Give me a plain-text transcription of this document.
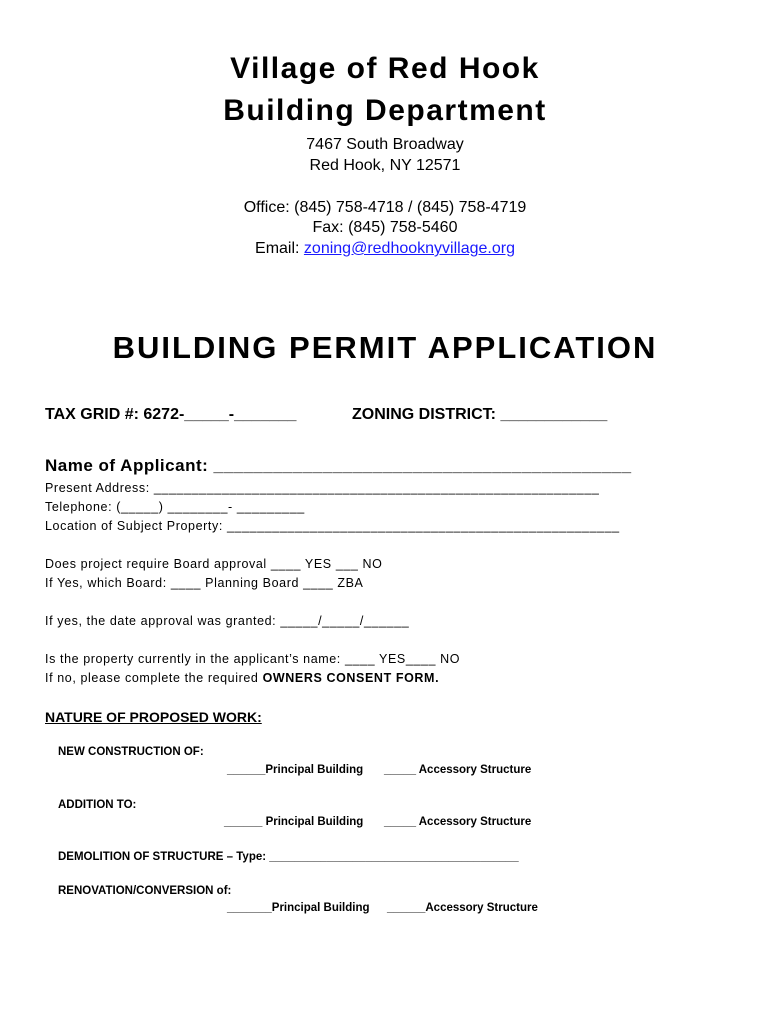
Village of Red Hook
Building Department
7467 South Broadway
Red Hook, NY 12571
Office: (845) 758-4718 / (845) 758-4719
Fax: (845) 758-5460
Email: zoning@redhooknyvillage.org
BUILDING PERMIT APPLICATION
TAX GRID #: 6272-_____-_______	ZONING DISTRICT: ____________
Name of Applicant: __________________________________________
Present Address: ___________________________________________________________
Telephone: (_____) ________- _________
Location of Subject Property: ____________________________________________________
Does project require Board approval ____ YES ___ NO
If Yes, which Board: ____ Planning Board ____ ZBA
If yes, the date approval was granted: _____/_____/______
Is the property currently in the applicant’s name: ____ YES____ NO
If no, please complete the required OWNERS CONSENT FORM.
NATURE OF PROPOSED WORK:
NEW CONSTRUCTION OF:
______Principal Building _____ Accessory Structure
ADDITION TO:
______ Principal Building _____ Accessory Structure
DEMOLITION OF STRUCTURE – Type: _______________________________________
RENOVATION/CONVERSION of:
_______Principal Building ______Accessory Structure
